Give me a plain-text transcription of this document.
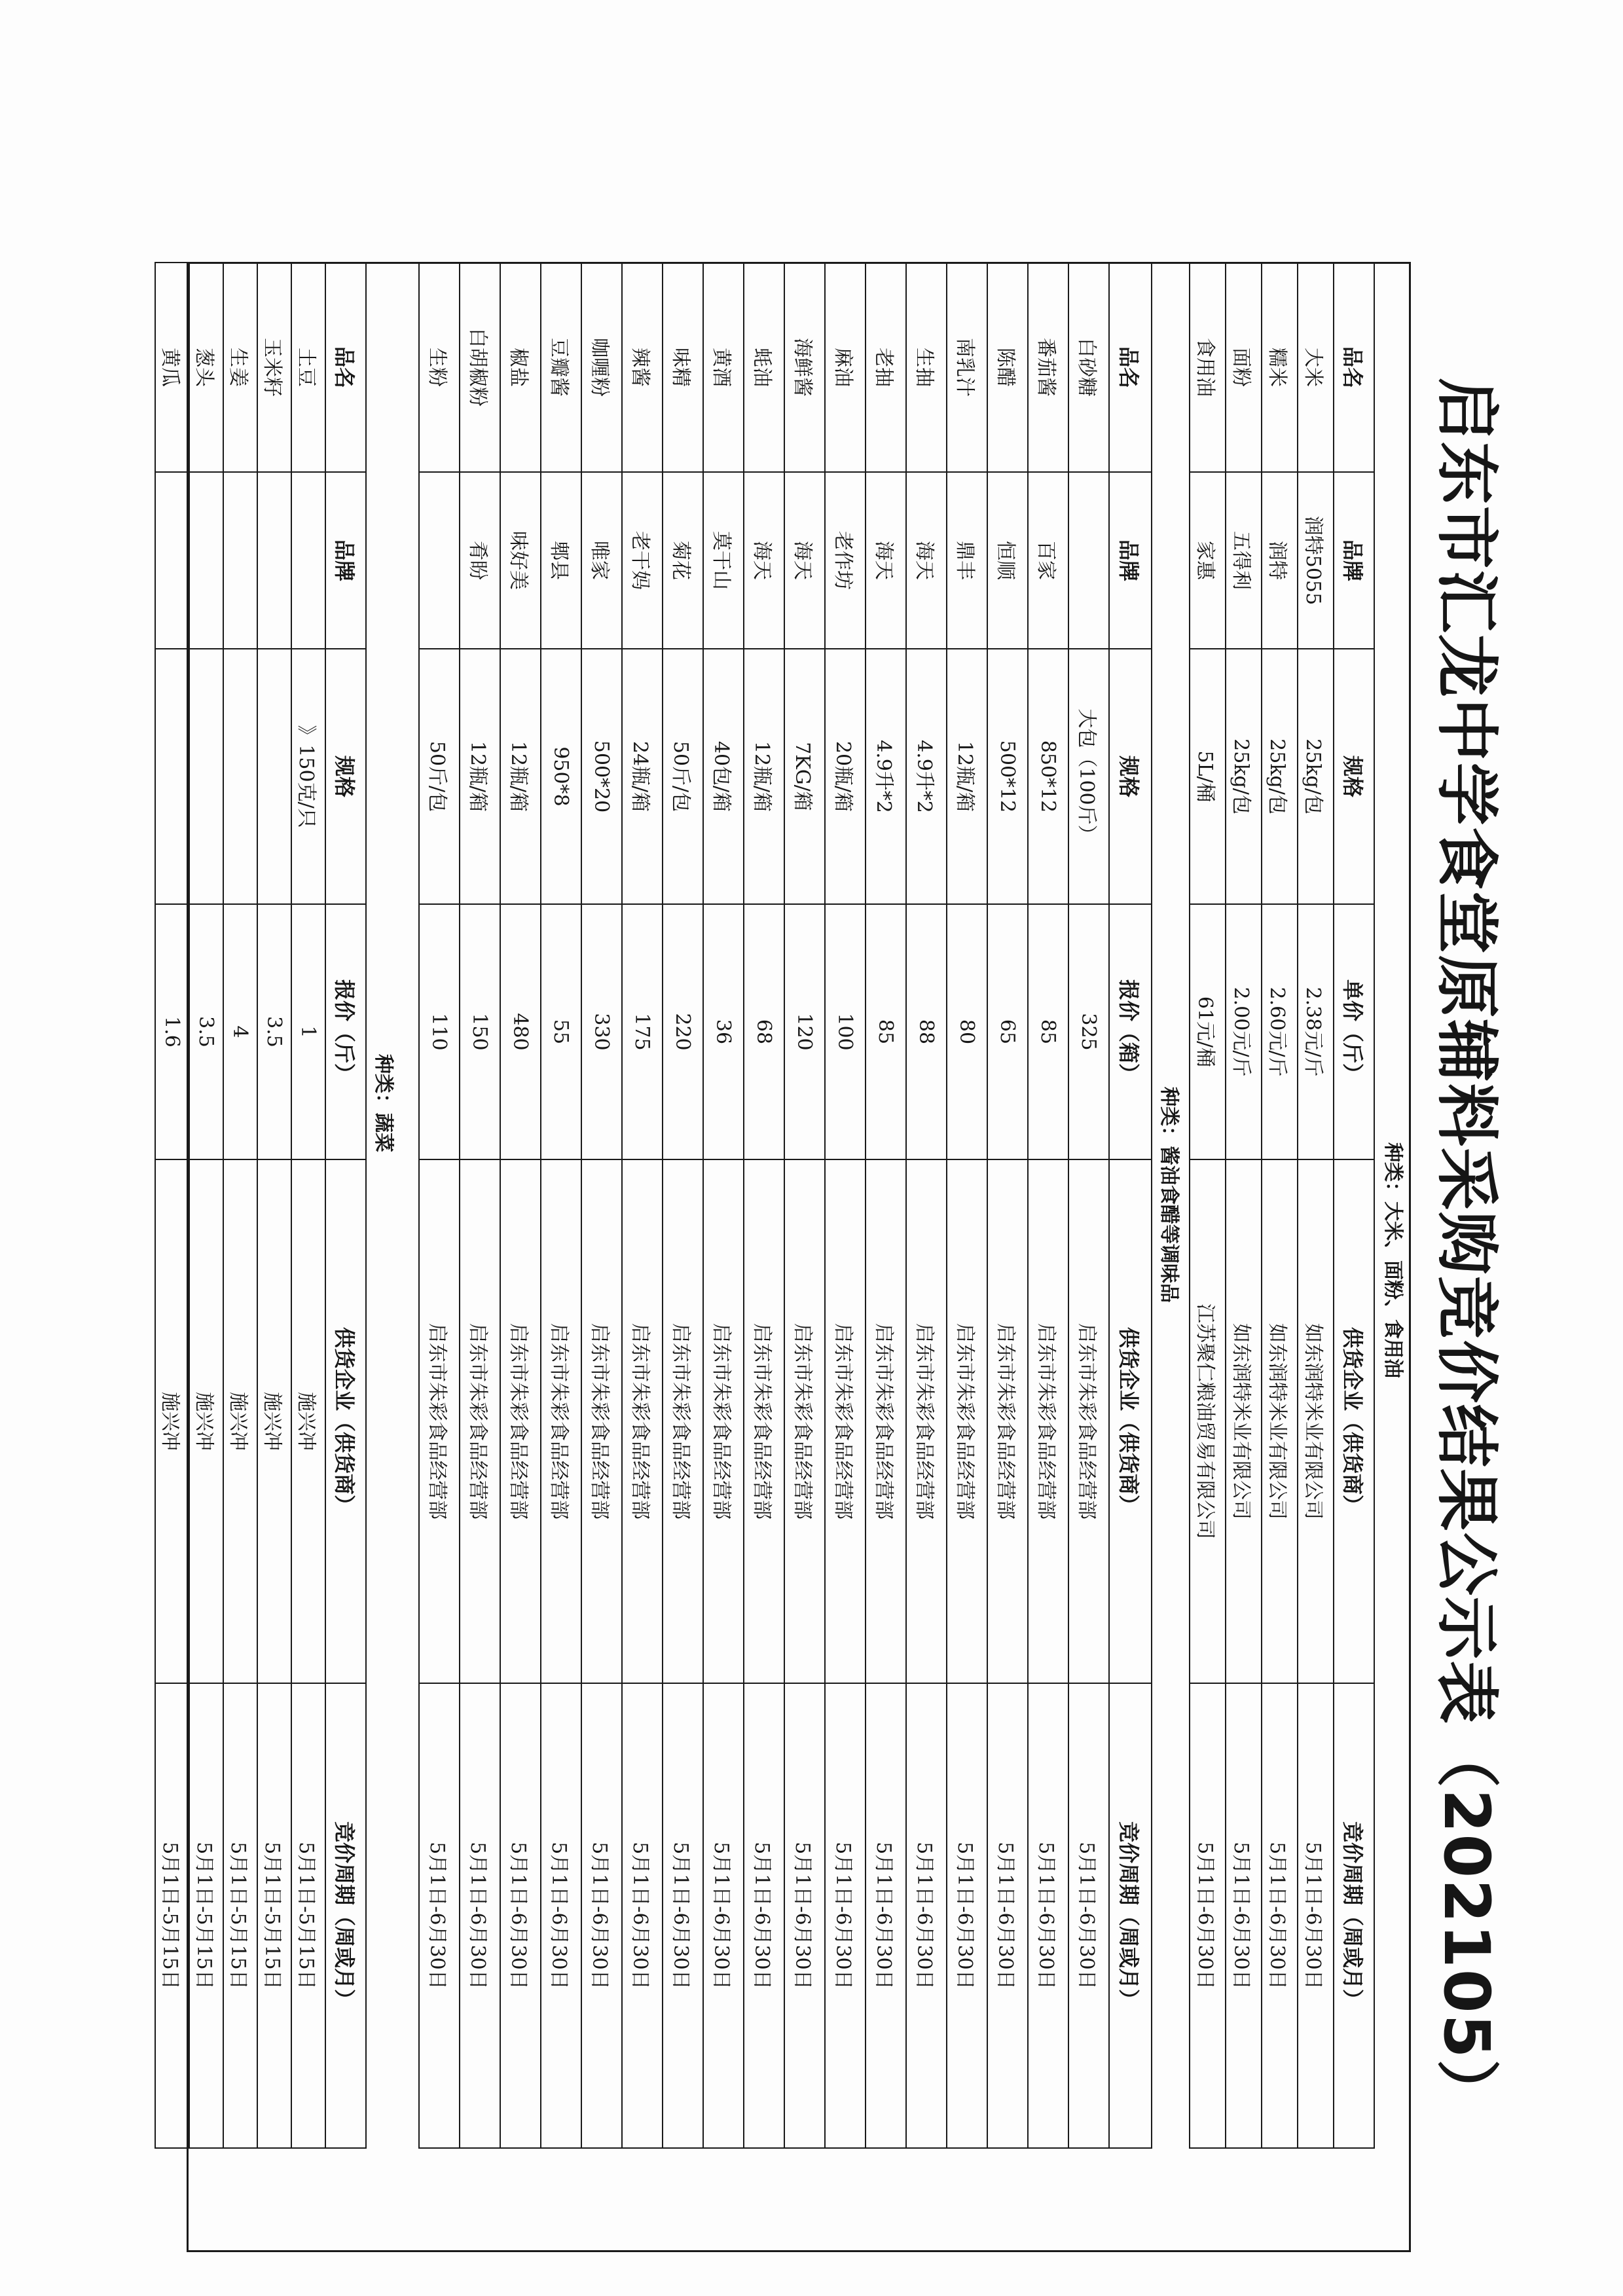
启东市汇龙中学食堂原辅料采购竞价结果公示表（202105）
种类：大米、面粉、食用油
品名	品牌	规格	单价（斤）	供货企业（供货商）	竞价周期（周或月）
大米	润特5055	25kg/包	2.38元/斤	如东润特米业有限公司	5月1日-6月30日
糯米	润特	25kg/包	2.60元/斤	如东润特米业有限公司	5月1日-6月30日
面粉	五得利	25kg/包	2.00元/斤	如东润特米业有限公司	5月1日-6月30日
食用油	家惠	5L/桶	61元/桶	江苏聚仁粮油贸易有限公司	5月1日-6月30日
种类：酱油食醋等调味品
品名	品牌	规格	报价（箱）	供货企业（供货商）	竞价周期（周或月）
白砂糖		大包（100斤）	325	启东市朱彩食品经营部	5月1日-6月30日
番茄酱	百家	850*12	85	启东市朱彩食品经营部	5月1日-6月30日
陈醋	恒顺	500*12	65	启东市朱彩食品经营部	5月1日-6月30日
南乳汁	鼎丰	12瓶/箱	80	启东市朱彩食品经营部	5月1日-6月30日
生抽	海天	4.9升*2	88	启东市朱彩食品经营部	5月1日-6月30日
老抽	海天	4.9升*2	85	启东市朱彩食品经营部	5月1日-6月30日
麻油	老作坊	20瓶/箱	100	启东市朱彩食品经营部	5月1日-6月30日
海鲜酱	海天	7KG/箱	120	启东市朱彩食品经营部	5月1日-6月30日
蚝油	海天	12瓶/箱	68	启东市朱彩食品经营部	5月1日-6月30日
黄酒	莫干山	40包/箱	36	启东市朱彩食品经营部	5月1日-6月30日
味精	菊花	50斤/包	220	启东市朱彩食品经营部	5月1日-6月30日
辣酱	老干妈	24瓶/箱	175	启东市朱彩食品经营部	5月1日-6月30日
咖喱粉	唯家	500*20	330	启东市朱彩食品经营部	5月1日-6月30日
豆瓣酱	郫县	950*8	55	启东市朱彩食品经营部	5月1日-6月30日
椒盐	味好美	12瓶/箱	480	启东市朱彩食品经营部	5月1日-6月30日
白胡椒粉	肴盼	12瓶/箱	150	启东市朱彩食品经营部	5月1日-6月30日
生粉		50斤/包	110	启东市朱彩食品经营部	5月1日-6月30日
种类：蔬菜
品名	品牌	规格	报价（斤）	供货企业（供货商）	竞价周期（周或月）
土豆		》150克/只	1	施兴冲	5月1日-5月15日
玉米籽			3.5	施兴冲	5月1日-5月15日
生姜			4	施兴冲	5月1日-5月15日
葱头			3.5	施兴冲	5月1日-5月15日
黄瓜			1.6	施兴冲	5月1日-5月15日
